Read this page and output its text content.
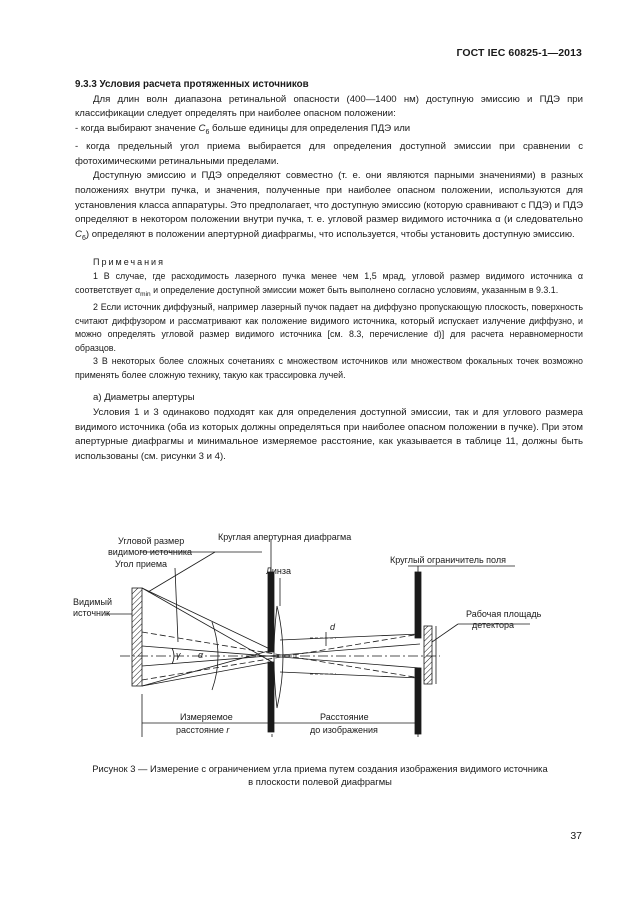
ГОСТ IEC 60825-1—2013

9.3.3 Условия расчета протяженных источников

Для длин волн диапазона ретинальной опасности (400—1400 нм) доступную эмиссию и ПДЭ при классификации следует определять при наиболее опасном положении:

- когда выбирают значение $C_6$ больше единицы для определения ПДЭ или

- когда предельный угол приема выбирается для определения доступной эмиссии при сравнении с фотохимическими ретинальными пределами.

Доступную эмиссию и ПДЭ определяют совместно (т. е. они являются парными значениями) в разных положениях внутри пучка, и значения, полученные при наиболее опасном положении, используются для установления класса аппаратуры. Это предполагает, что доступную эмиссию (которую сравнивают с ПДЭ) и ПДЭ определяют в некотором положении внутри пучка, т. е. угловой размер видимого источника α (и следовательно $C_6$) определяют в положении апертурной диафрагмы, что используется, чтобы установить доступную эмиссию.

Примечания

1 В случае, где расходимость лазерного пучка менее чем 1,5 мрад, угловой размер видимого источника α соответствует $\alpha_{min}$ и определение доступной эмиссии может быть выполнено согласно условиям, указанным в 9.3.1.

2 Если источник диффузный, например лазерный пучок падает на диффузно пропускающую плоскость, поверхность считают диффузором и рассматривают как положение видимого источника, который испускает излучение диффузно, и можно определять угловой размер видимого источника [см. 8.3, перечисление d)] для расчета неравномерности образцов.

3 В некоторых более сложных сочетаниях с множеством источников или множеством фокальных точек возможно применять более сложную технику, такую как трассировка лучей.

а) Диаметры апертуры

Условия 1 и 3 одинаково подходят как для определения доступной эмиссии, так и для углового размера видимого источника (оба из которых должны определяться при наиболее опасном положении в пучке). При этом апертурные диафрагмы и минимальное измеряемое расстояние, как указывается в таблице 11, должны быть использованы (см. рисунки 3 и 4).

Угловой размер
видимого источника
Круглая апертурная диафрагма
Угол приема
Линза
Круглый ограничитель поля
Видимый
источник	Рабочая площадь
детектора
γ α
d
Измеряемое
расстояние r
Расстояние
до изображения
Рисунок 3 — Измерение с ограничением угла приема путем создания изображения видимого источника
в плоскости полевой диафрагмы
37
